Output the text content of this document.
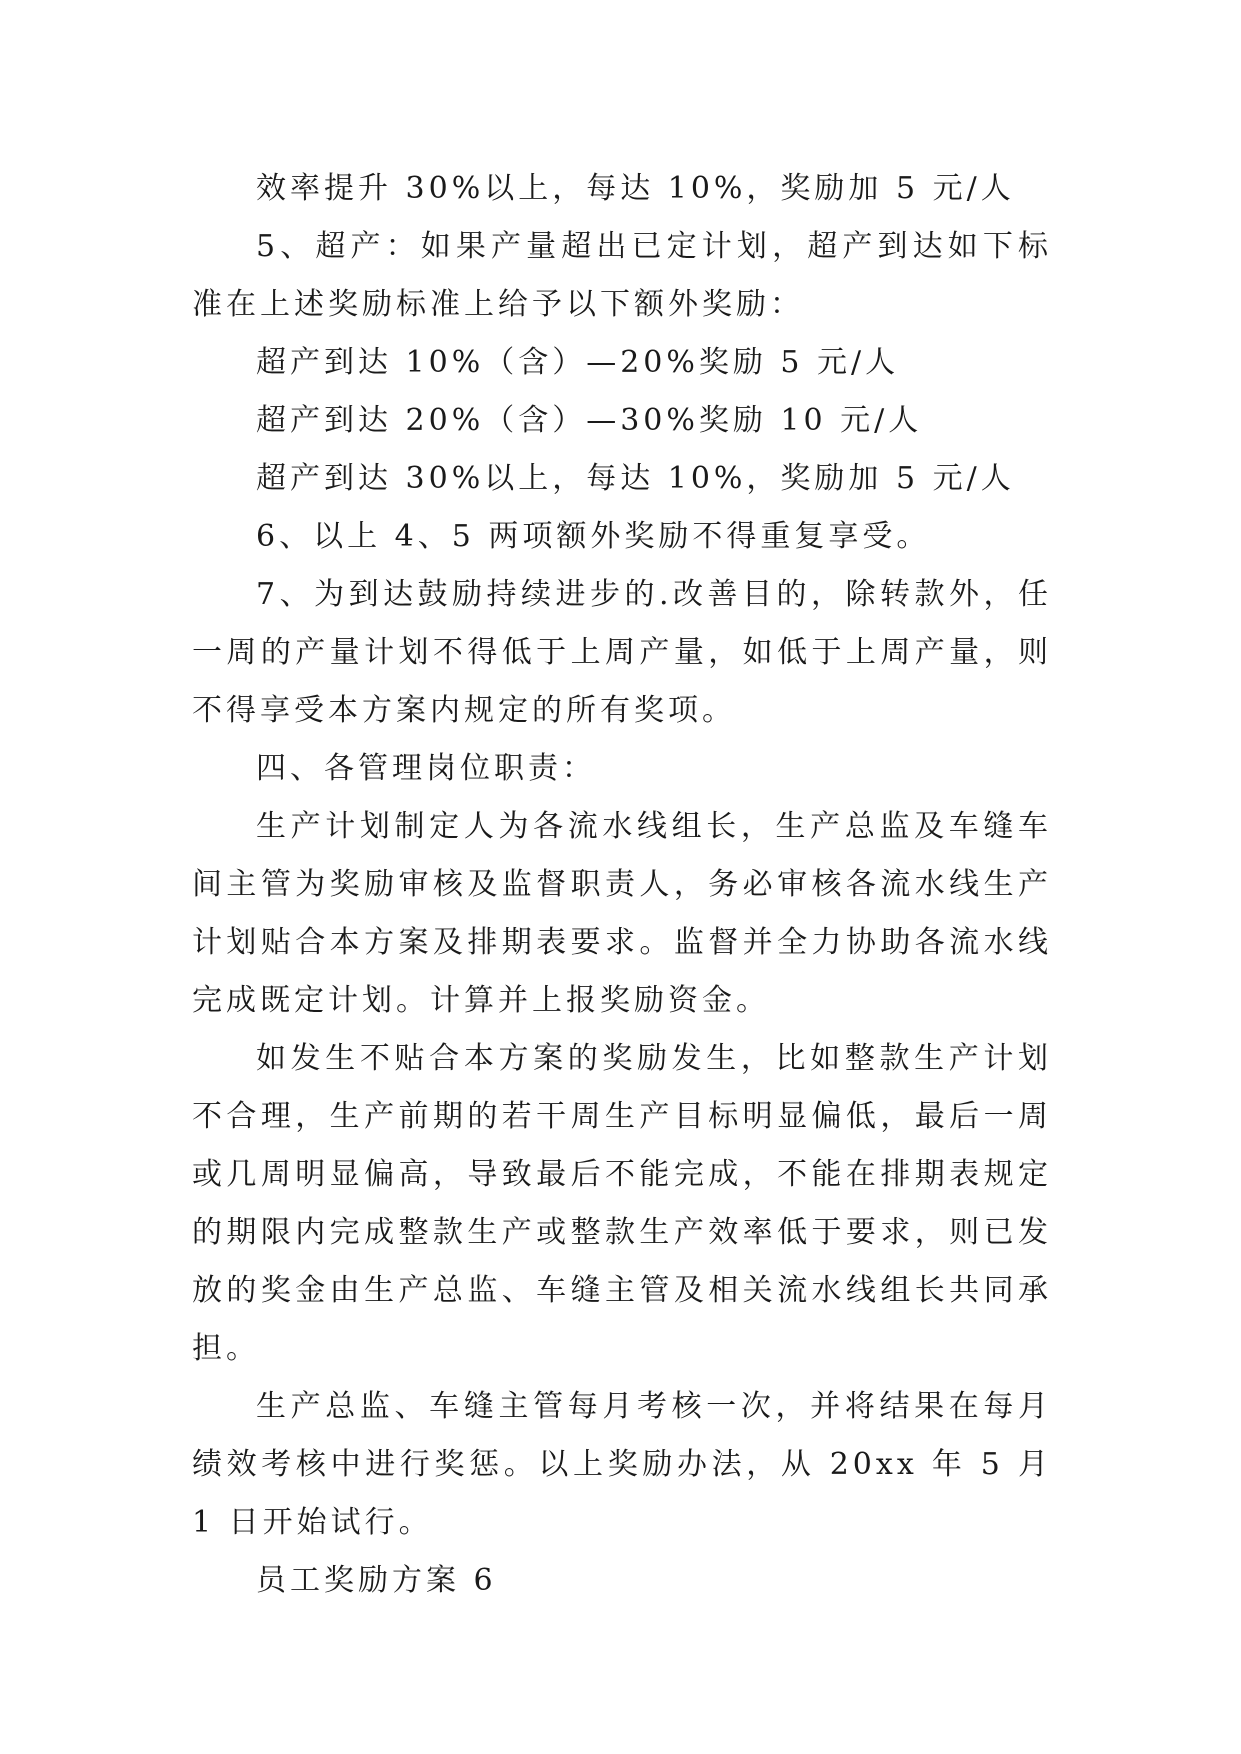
效率提升 30%以上，每达 10%，奖励加 5 元/人

5、超产：如果产量超出已定计划，超产到达如下标准在上述奖励标准上给予以下额外奖励：

超产到达 10%（含）—20%奖励 5 元/人

超产到达 20%（含）—30%奖励 10 元/人

超产到达 30%以上，每达 10%，奖励加 5 元/人

6、以上 4、5 两项额外奖励不得重复享受。

7、为到达鼓励持续进步的.改善目的，除转款外，任一周的产量计划不得低于上周产量，如低于上周产量，则不得享受本方案内规定的所有奖项。

四、各管理岗位职责：

生产计划制定人为各流水线组长，生产总监及车缝车间主管为奖励审核及监督职责人，务必审核各流水线生产计划贴合本方案及排期表要求。监督并全力协助各流水线完成既定计划。计算并上报奖励资金。

如发生不贴合本方案的奖励发生，比如整款生产计划不合理，生产前期的若干周生产目标明显偏低，最后一周或几周明显偏高，导致最后不能完成，不能在排期表规定的期限内完成整款生产或整款生产效率低于要求，则已发放的奖金由生产总监、车缝主管及相关流水线组长共同承担。

生产总监、车缝主管每月考核一次，并将结果在每月绩效考核中进行奖惩。以上奖励办法，从 20xx 年 5 月 1 日开始试行。

员工奖励方案 6
